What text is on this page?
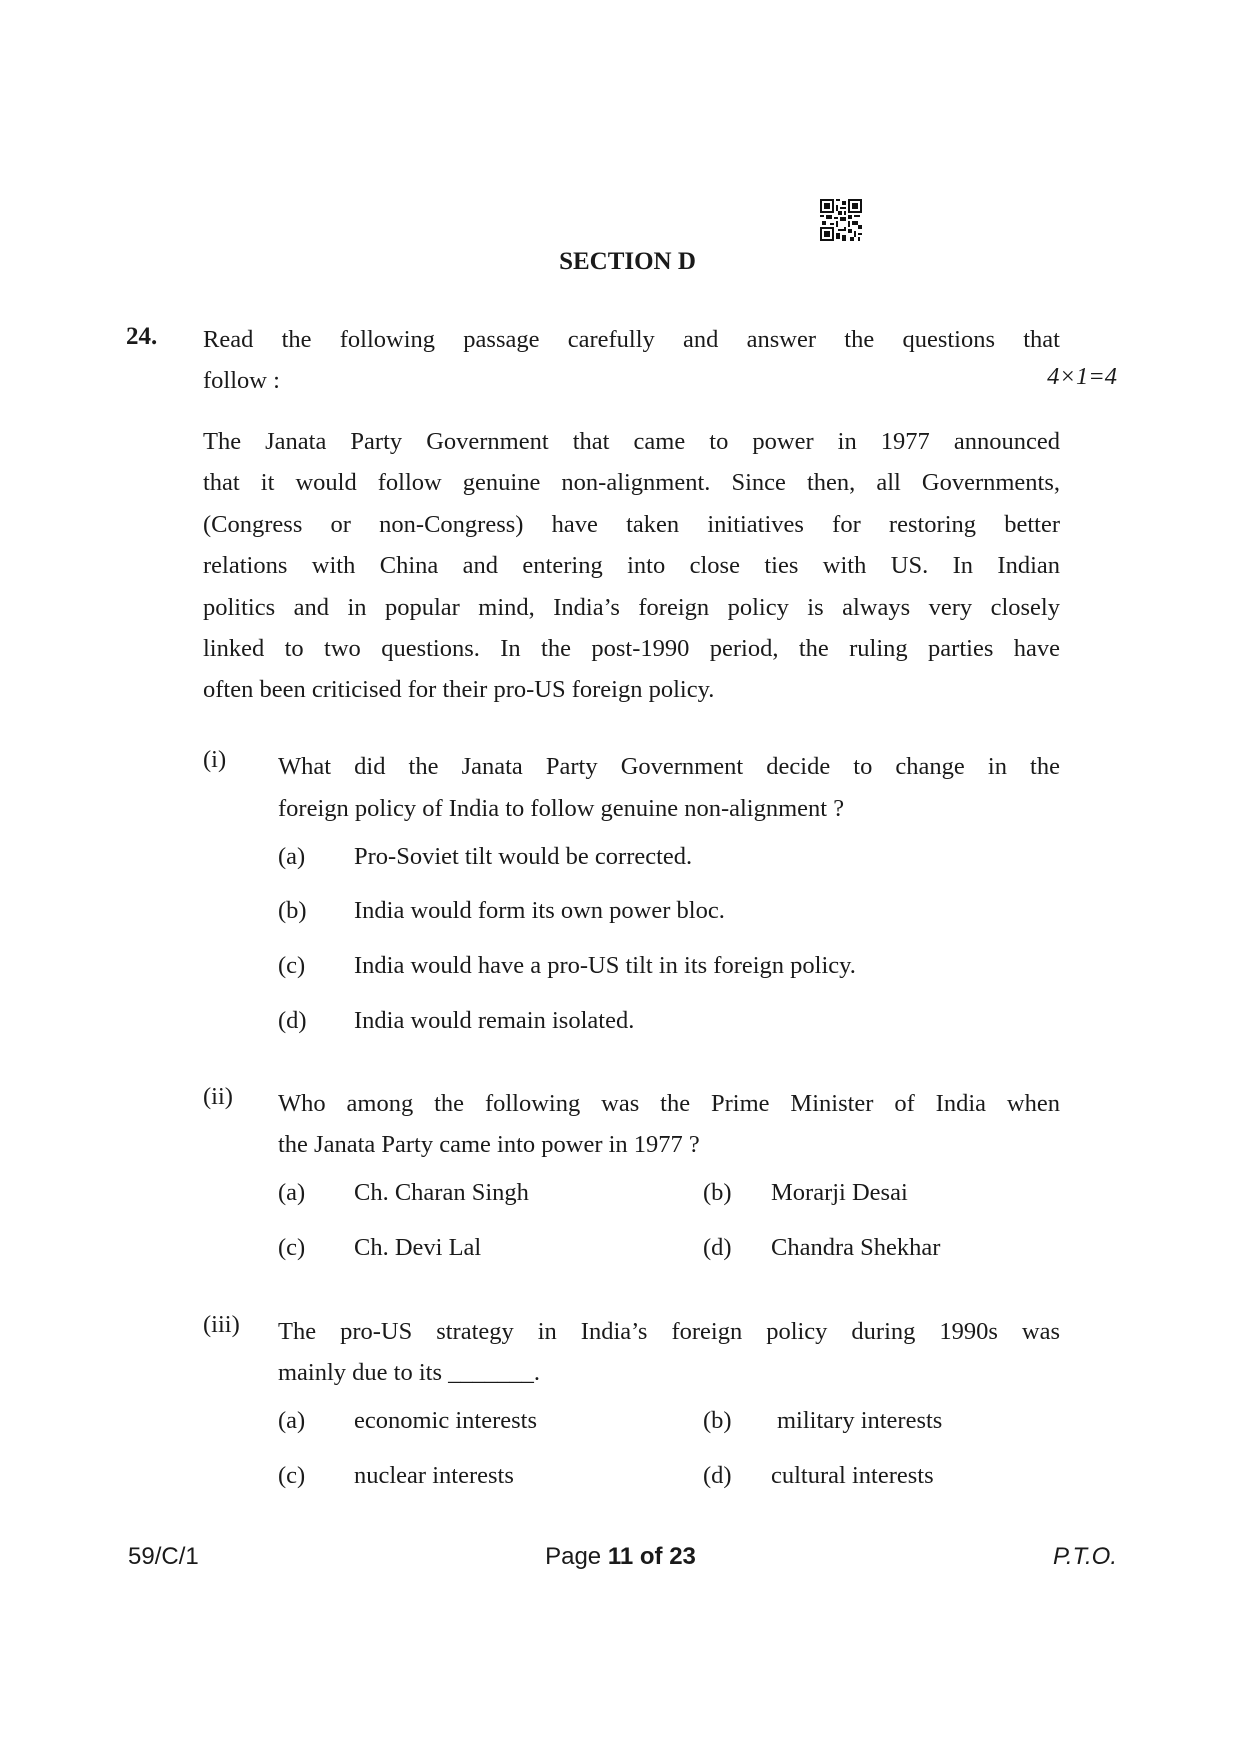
SECTION D
24. Read the following passage carefully and answer the questions that
follow :	4×1=4
The Janata Party Government that came to power in 1977 announced
that it would follow genuine non-alignment. Since then, all Governments,
(Congress or non-Congress) have taken initiatives for restoring better
relations with China and entering into close ties with US. In Indian
politics and in popular mind, India’s foreign policy is always very closely
linked to two questions. In the post-1990 period, the ruling parties have
often been criticised for their pro-US foreign policy.
(i) What did the Janata Party Government decide to change in the
foreign policy of India to follow genuine non-alignment ?
(a) Pro-Soviet tilt would be corrected.
(b) India would form its own power bloc.
(c) India would have a pro-US tilt in its foreign policy.
(d) India would remain isolated.
(ii) Who among the following was the Prime Minister of India when
the Janata Party came into power in 1977 ?
(a) Ch. Charan Singh	(b) Morarji Desai
(c) Ch. Devi Lal	(d) Chandra Shekhar
(iii) The pro-US strategy in India’s foreign policy during 1990s was
mainly due to its _______.
(a) economic interests	(b) military interests
(c) nuclear interests	(d) cultural interests
59/C/1	Page 11 of 23	P.T.O.
